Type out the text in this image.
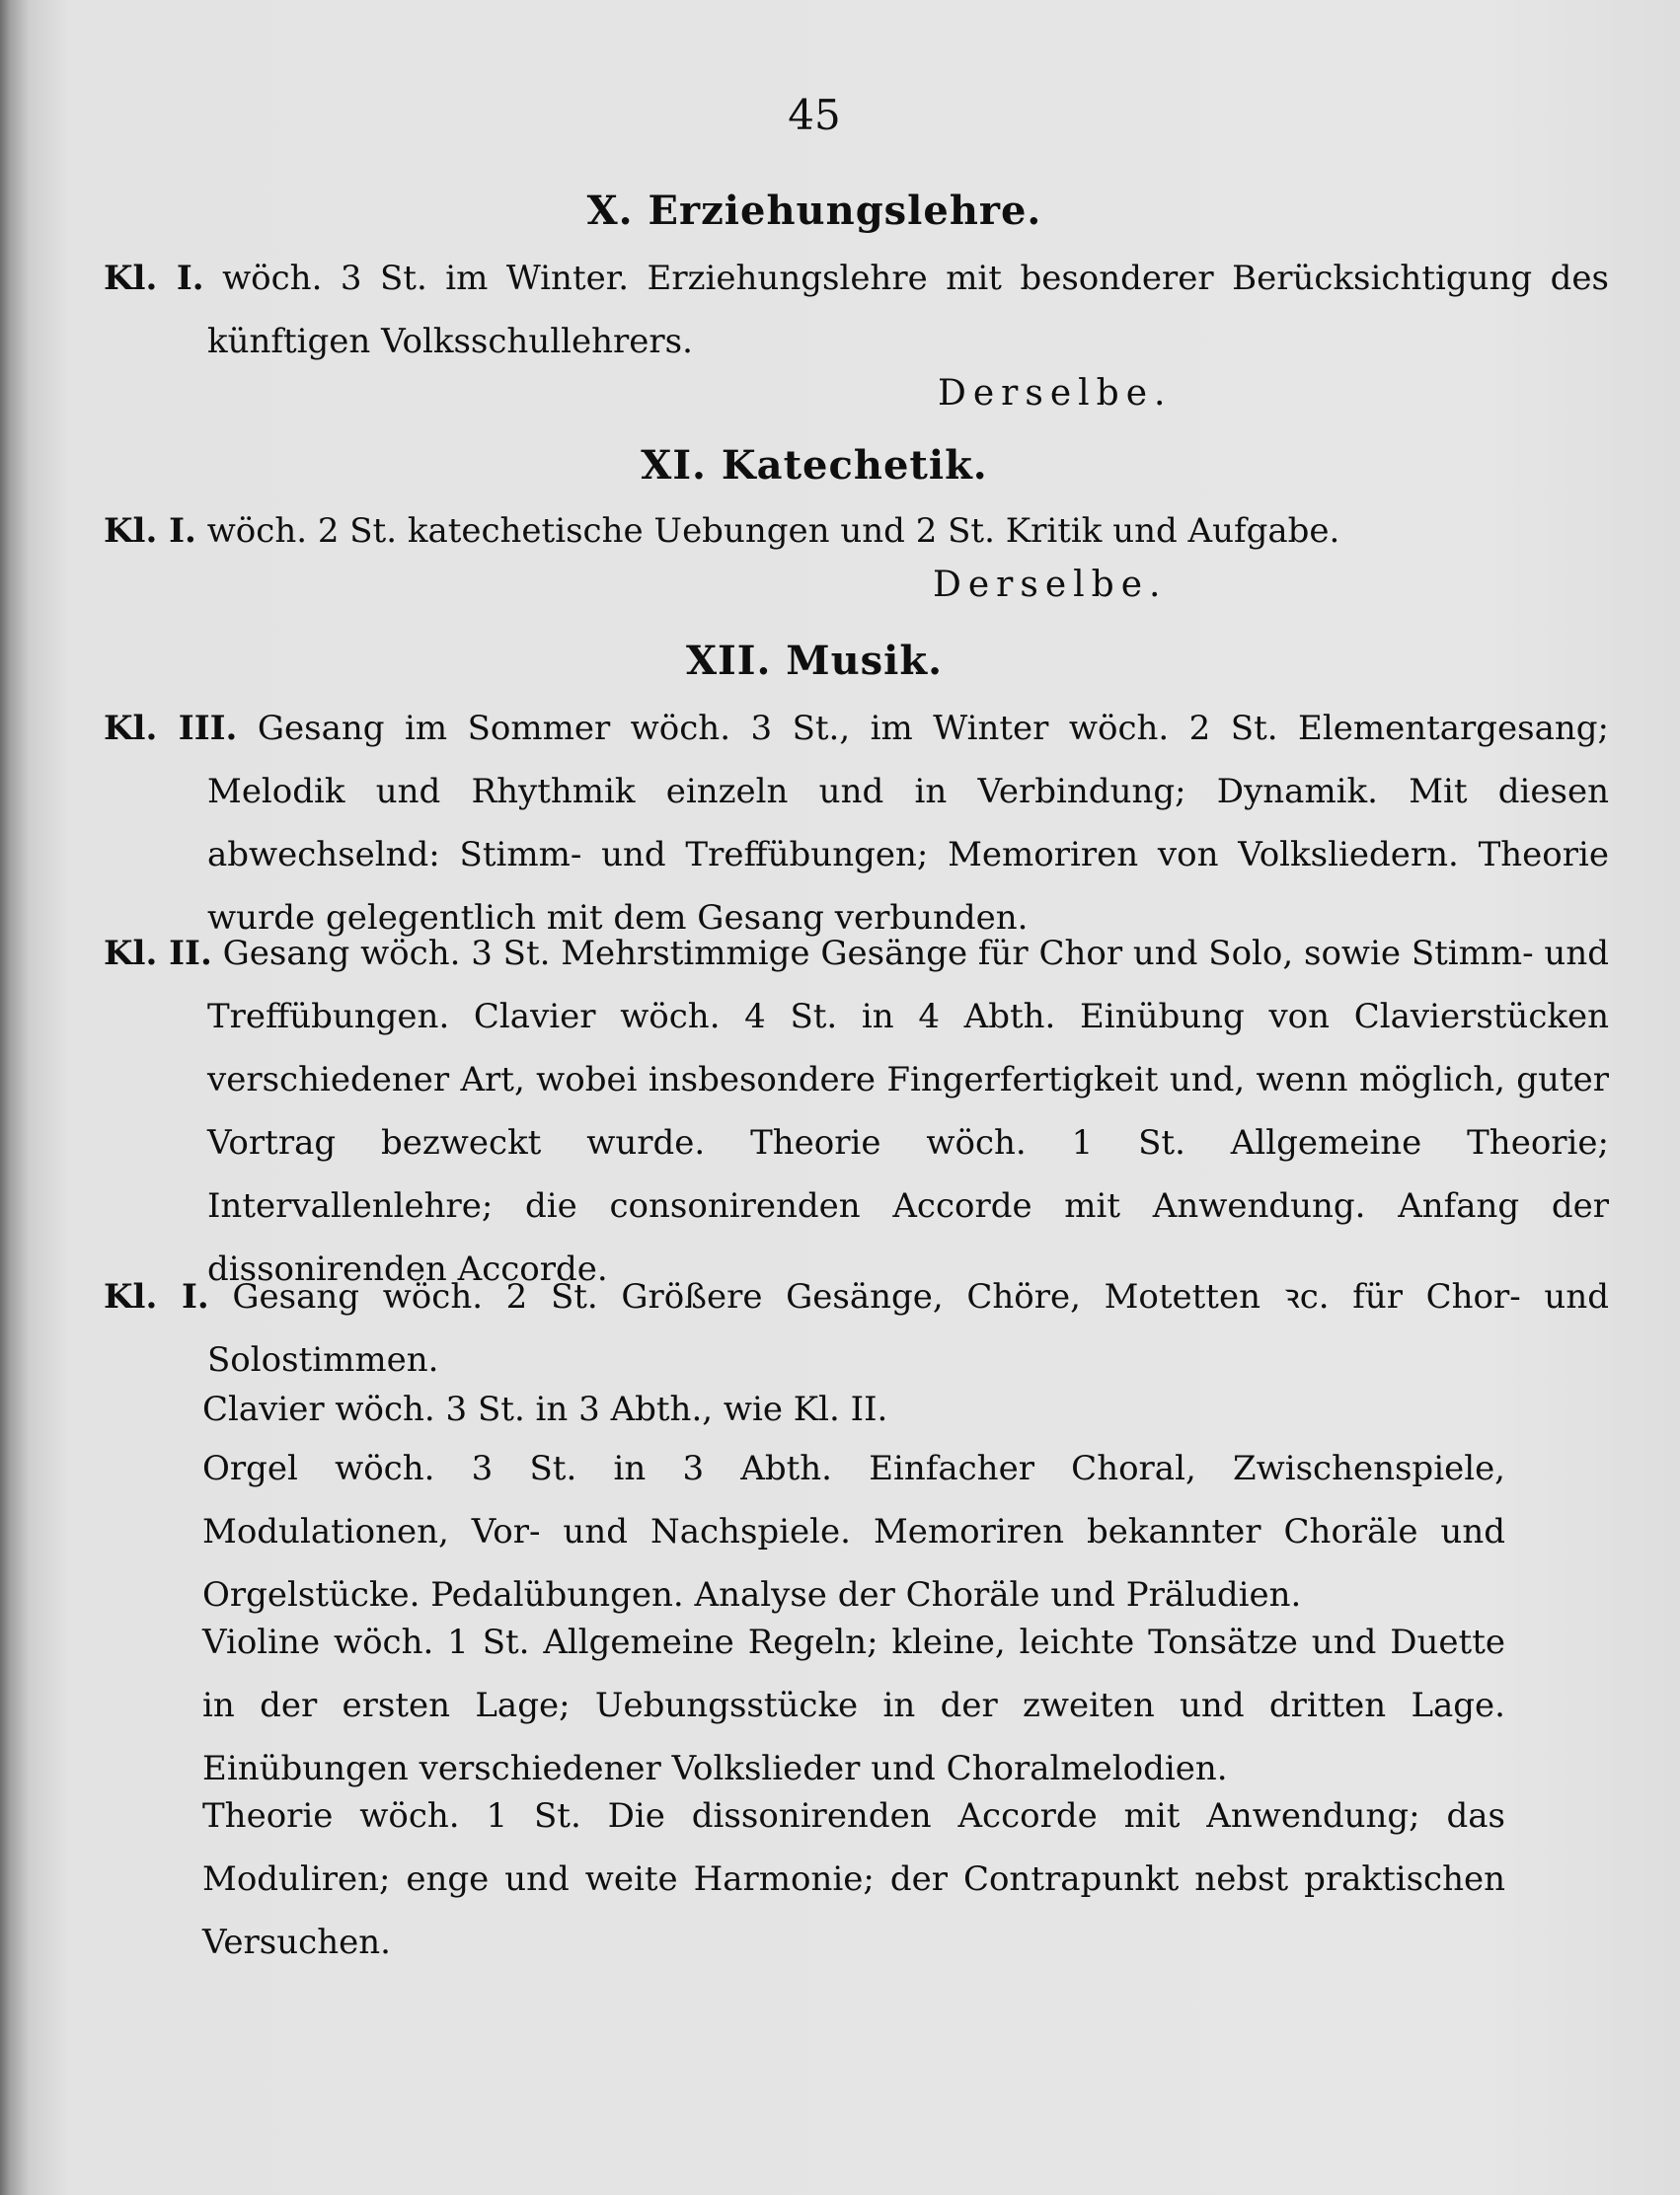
45
X. Erziehungslehre.
Kl. I. wöch. 3 St. im Winter. Erziehungslehre mit besonderer Berücksichtigung des künftigen Volksschullehrers.
Derselbe.
XI. Katechetik.
Kl. I. wöch. 2 St. katechetische Uebungen und 2 St. Kritik und Aufgabe.
Derselbe.
XII. Musik.
Kl. III. Gesang im Sommer wöch. 3 St., im Winter wöch. 2 St. Elementargesang; Melodik und Rhythmik einzeln und in Verbindung; Dynamik. Mit diesen abwechselnd: Stimm- und Treffübungen; Memoriren von Volksliedern. Theorie wurde gelegentlich mit dem Gesang verbunden.
Kl. II. Gesang wöch. 3 St. Mehrstimmige Gesänge für Chor und Solo, sowie Stimm- und Treffübungen. Clavier wöch. 4 St. in 4 Abth. Einübung von Clavierstücken verschiedener Art, wobei insbesondere Fingerfertigkeit und, wenn möglich, guter Vortrag bezweckt wurde. Theorie wöch. 1 St. Allgemeine Theorie; Intervallenlehre; die consonirenden Accorde mit Anwendung. Anfang der dissonirenden Accorde.
Kl. I. Gesang wöch. 2 St. Größere Gesänge, Chöre, Motetten ꝛc. für Chor- und Solostimmen.
Clavier wöch. 3 St. in 3 Abth., wie Kl. II.
Orgel wöch. 3 St. in 3 Abth. Einfacher Choral, Zwischenspiele, Modulationen, Vor- und Nachspiele. Memoriren bekannter Choräle und Orgelstücke. Pedalübungen. Analyse der Choräle und Präludien.
Violine wöch. 1 St. Allgemeine Regeln; kleine, leichte Tonsätze und Duette in der ersten Lage; Uebungsstücke in der zweiten und dritten Lage. Einübungen verschiedener Volkslieder und Choralmelodien.
Theorie wöch. 1 St. Die dissonirenden Accorde mit Anwendung; das Moduliren; enge und weite Harmonie; der Contrapunkt nebst praktischen Versuchen.
